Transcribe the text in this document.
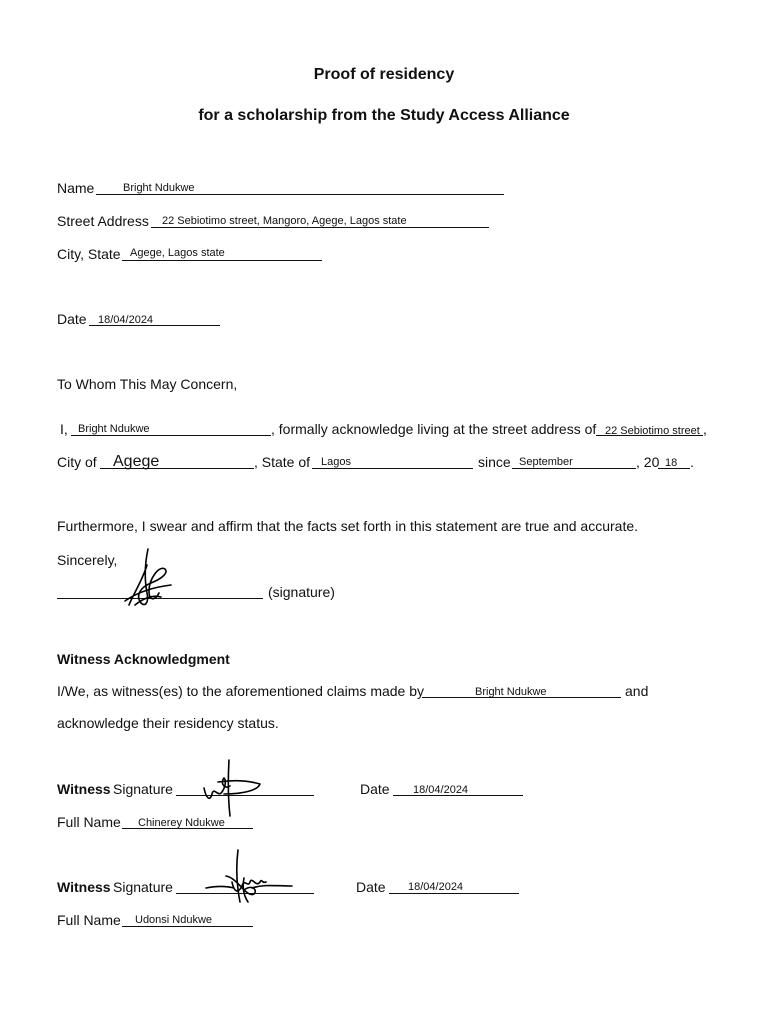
Proof of residency
for a scholarship from the Study Access Alliance
Name	Bright Ndukwe
Street Address 22 Sebiotimo street, Mangoro, Agege, Lagos state
City, State Agege, Lagos state
Date 18/04/2024
To Whom This May Concern,
I, Bright Ndukwe	, formally acknowledge living at the street address of 22 Sebiotimo street ,
City of Agege	, State of Lagos	since September	, 20 18 .
Furthermore, I swear and affirm that the facts set forth in this statement are true and accurate.
Sincerely,
(signature)
Witness Acknowledgment
I/We, as witness(es) to the aforementioned claims made by	Bright Ndukwe	and
acknowledge their residency status.
Witness Signature	Date 18/04/2024
Full Name Chinerey Ndukwe
Witness Signature	Date 18/04/2024
Full Name Udonsi Ndukwe
